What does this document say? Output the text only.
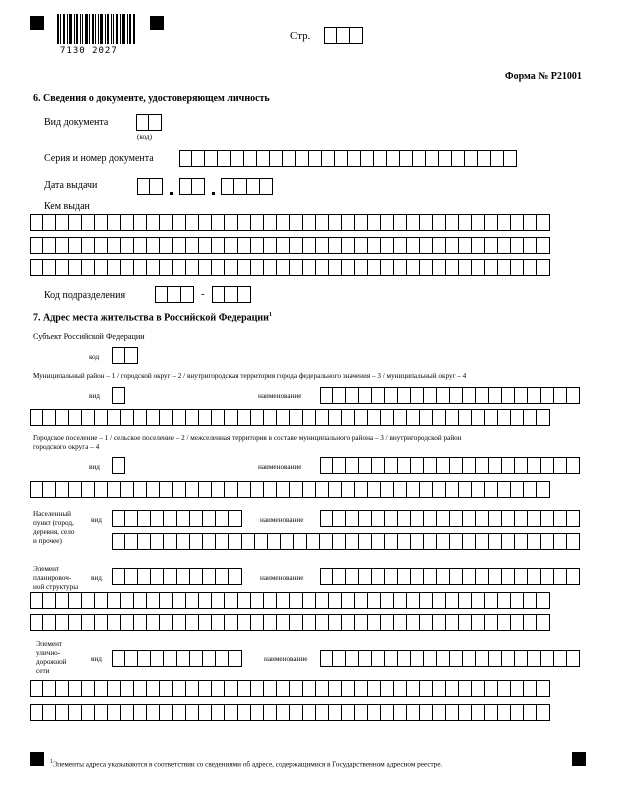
7130 2027
Стр.
Форма № Р21001
6. Сведения о документе, удостоверяющем личность
Вид документа
(код)
Серия и номер документа
Дата выдачи
Кем выдан
Код подразделения	-
7. Адрес места жительства в Российской Федерации$^1$
Субъект Российской Федерации
код
Муниципальный район – 1 / городской округ – 2 / внутригородская территория города федерального значения – 3 / муниципальный округ – 4
вид	наименование
Городское поселение – 1 / сельское поселение – 2 / межселенная территория в составе муниципального района – 3 / внутригородской район
городского округа – 4
вид	наименование
Населенный
пункт (город,
деревня, село
и прочее)
вид	наименование
Элемент
планировоч-
ной структуры
вид	наименование
Элемент
улично-
дорожной
сети
вид	наименование
$^1$Элементы адреса указываются в соответствии со сведениями об адресе, содержащимися в Государственном адресном реестре.
